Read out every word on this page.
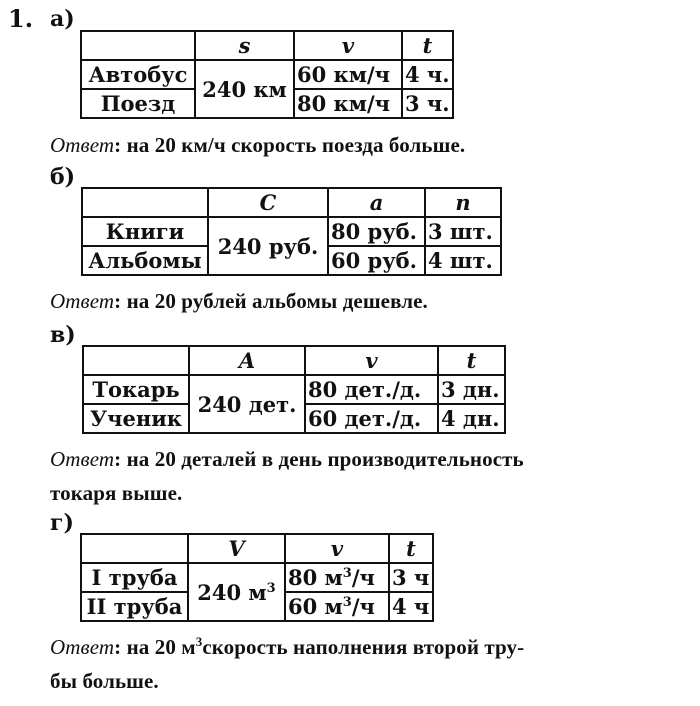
1. а)
	s	v	t
Автобус	240 км	60 км/ч	4 ч.
Поезд		80 км/ч	3 ч.
Ответ: на 20 км/ч скорость поезда больше.
б)
	C	a	n
Книги	240 руб.	80 руб.	3 шт.
Альбомы		60 руб.	4 шт.
Ответ: на 20 рублей альбомы дешевле.
в)
	A	v	t
Токарь	240 дет.	80 дет./д.	3 дн.
Ученик		60 дет./д.	4 дн.
Ответ: на 20 деталей в день производительность
токаря выше.
г)
	V	v	t
I труба	240 $м^3$	80 $м^3/ч$	3 ч
II труба		60 $м^3/ч$	4 ч
Ответ: на 20 $м^3скорость$ наполнения второй тру-
бы больше.
